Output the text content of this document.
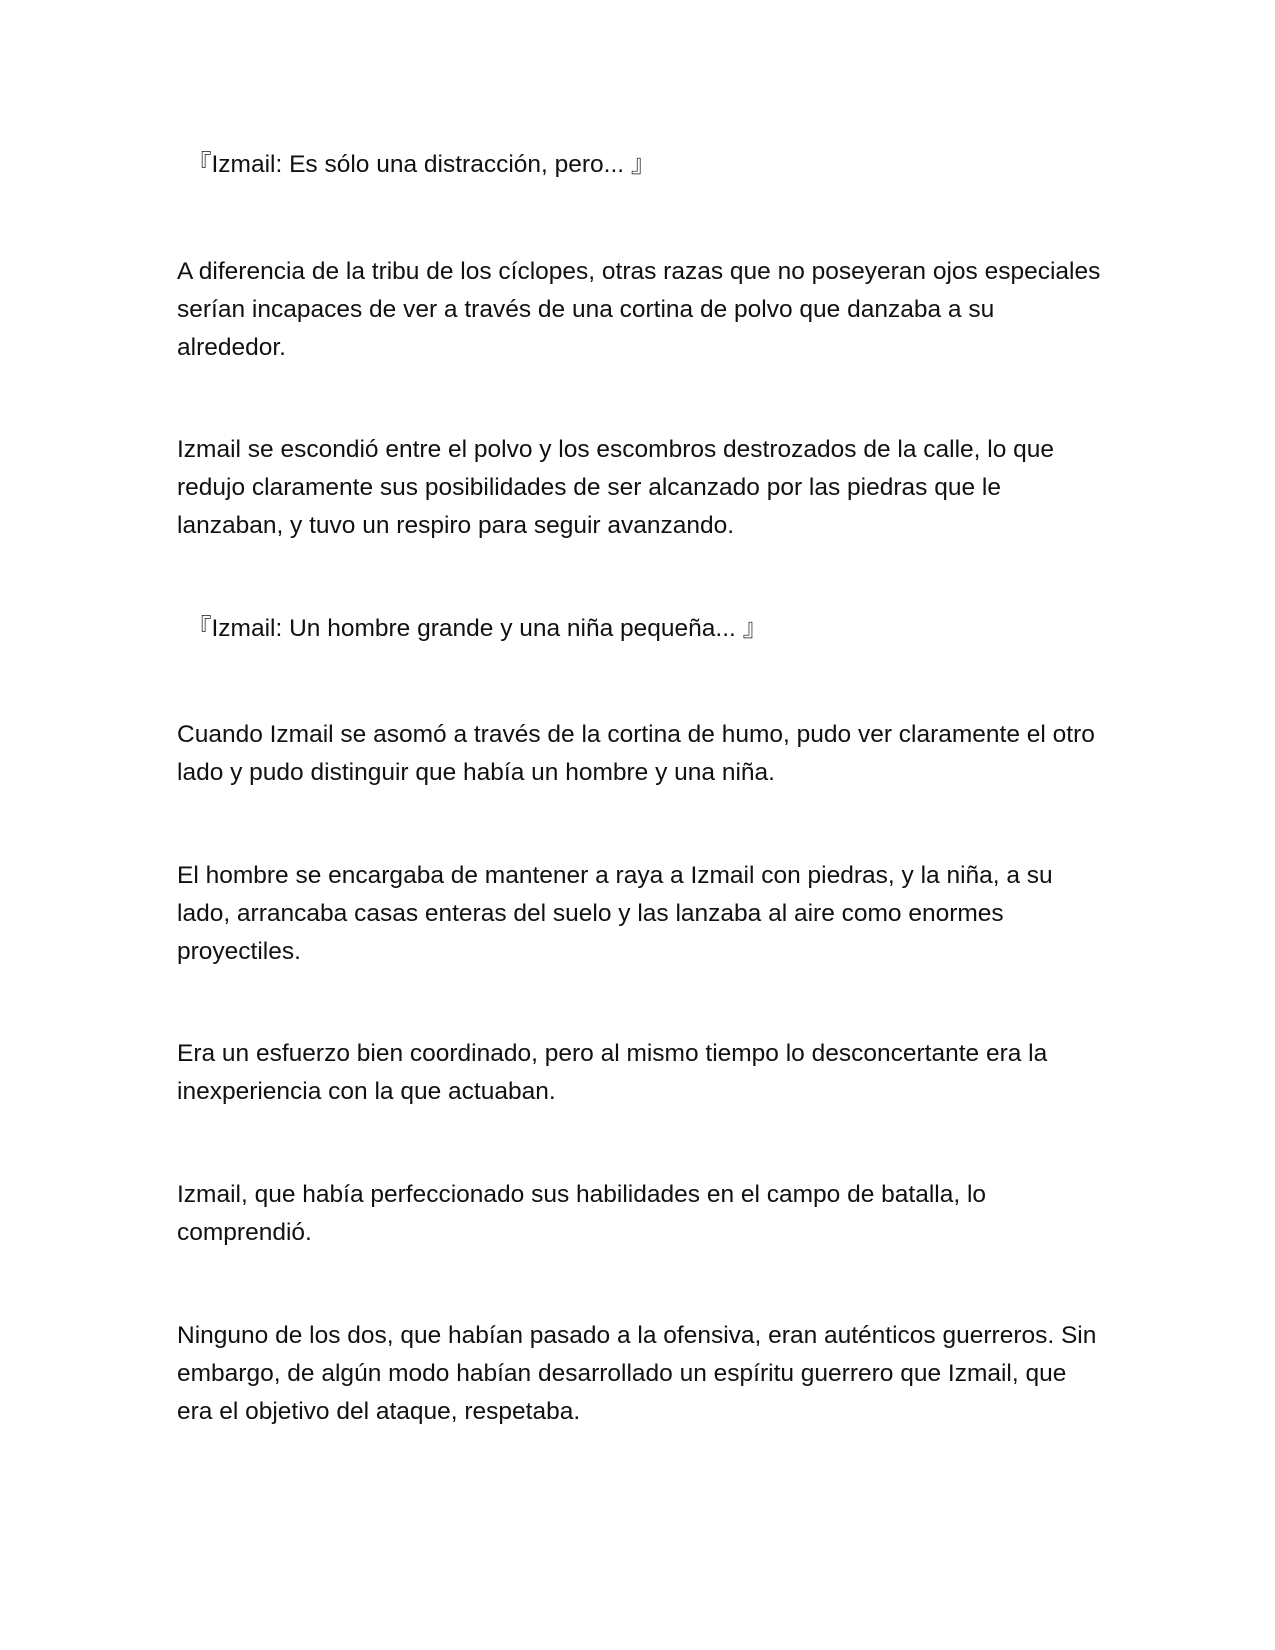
『Izmail: Es sólo una distracción, pero... 』

A diferencia de la tribu de los cíclopes, otras razas que no poseyeran ojos especiales serían incapaces de ver a través de una cortina de polvo que danzaba a su alrededor.

Izmail se escondió entre el polvo y los escombros destrozados de la calle, lo que redujo claramente sus posibilidades de ser alcanzado por las piedras que le lanzaban, y tuvo un respiro para seguir avanzando.

『Izmail: Un hombre grande y una niña pequeña... 』

Cuando Izmail se asomó a través de la cortina de humo, pudo ver claramente el otro lado y pudo distinguir que había un hombre y una niña.

El hombre se encargaba de mantener a raya a Izmail con piedras, y la niña, a su lado, arrancaba casas enteras del suelo y las lanzaba al aire como enormes proyectiles.

Era un esfuerzo bien coordinado, pero al mismo tiempo lo desconcertante era la inexperiencia con la que actuaban.

Izmail, que había perfeccionado sus habilidades en el campo de batalla, lo comprendió.

Ninguno de los dos, que habían pasado a la ofensiva, eran auténticos guerreros. Sin embargo, de algún modo habían desarrollado un espíritu guerrero que Izmail, que era el objetivo del ataque, respetaba.
